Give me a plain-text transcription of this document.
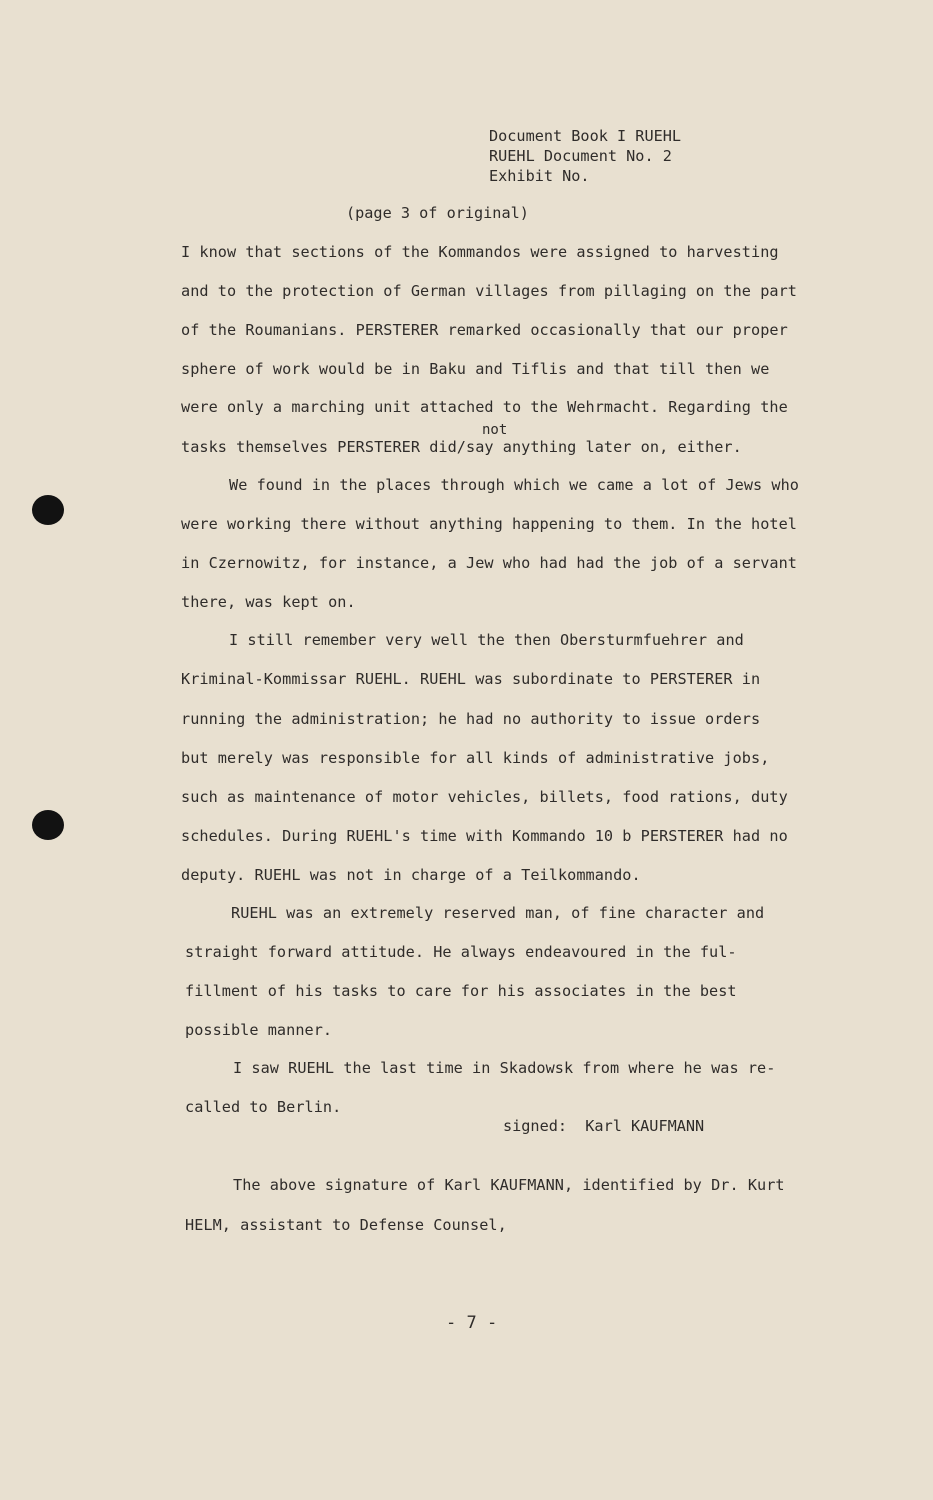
Document Book I RUEHL
RUEHL Document No. 2
Exhibit No.
(page 3 of original)
I know that sections of the Kommandos were assigned to harvesting
and to the protection of German villages from pillaging on the part
of the Roumanians. PERSTERER remarked occasionally that our proper
sphere of work would be in Baku and Tiflis and that till then we
were only a marching unit attached to the Wehrmacht. Regarding the
not
tasks themselves PERSTERER did/say anything later on, either.
We found in the places through which we came a lot of Jews who
were working there without anything happening to them. In the hotel
in Czernowitz, for instance, a Jew who had had the job of a servant
there, was kept on.
I still remember very well the then Obersturmfuehrer and
Kriminal-Kommissar RUEHL. RUEHL was subordinate to PERSTERER in
running the administration; he had no authority to issue orders
but merely was responsible for all kinds of administrative jobs,
such as maintenance of motor vehicles, billets, food rations, duty
schedules. During RUEHL's time with Kommando 10 b PERSTERER had no
deputy. RUEHL was not in charge of a Teilkommando.
RUEHL was an extremely reserved man, of fine character and
straight forward attitude. He always endeavoured in the ful-
fillment of his tasks to care for his associates in the best
possible manner.
I saw RUEHL the last time in Skadowsk from where he was re-
called to Berlin.
signed:  Karl KAUFMANN
The above signature of Karl KAUFMANN, identified by Dr. Kurt
HELM, assistant to Defense Counsel,
- 7 -
